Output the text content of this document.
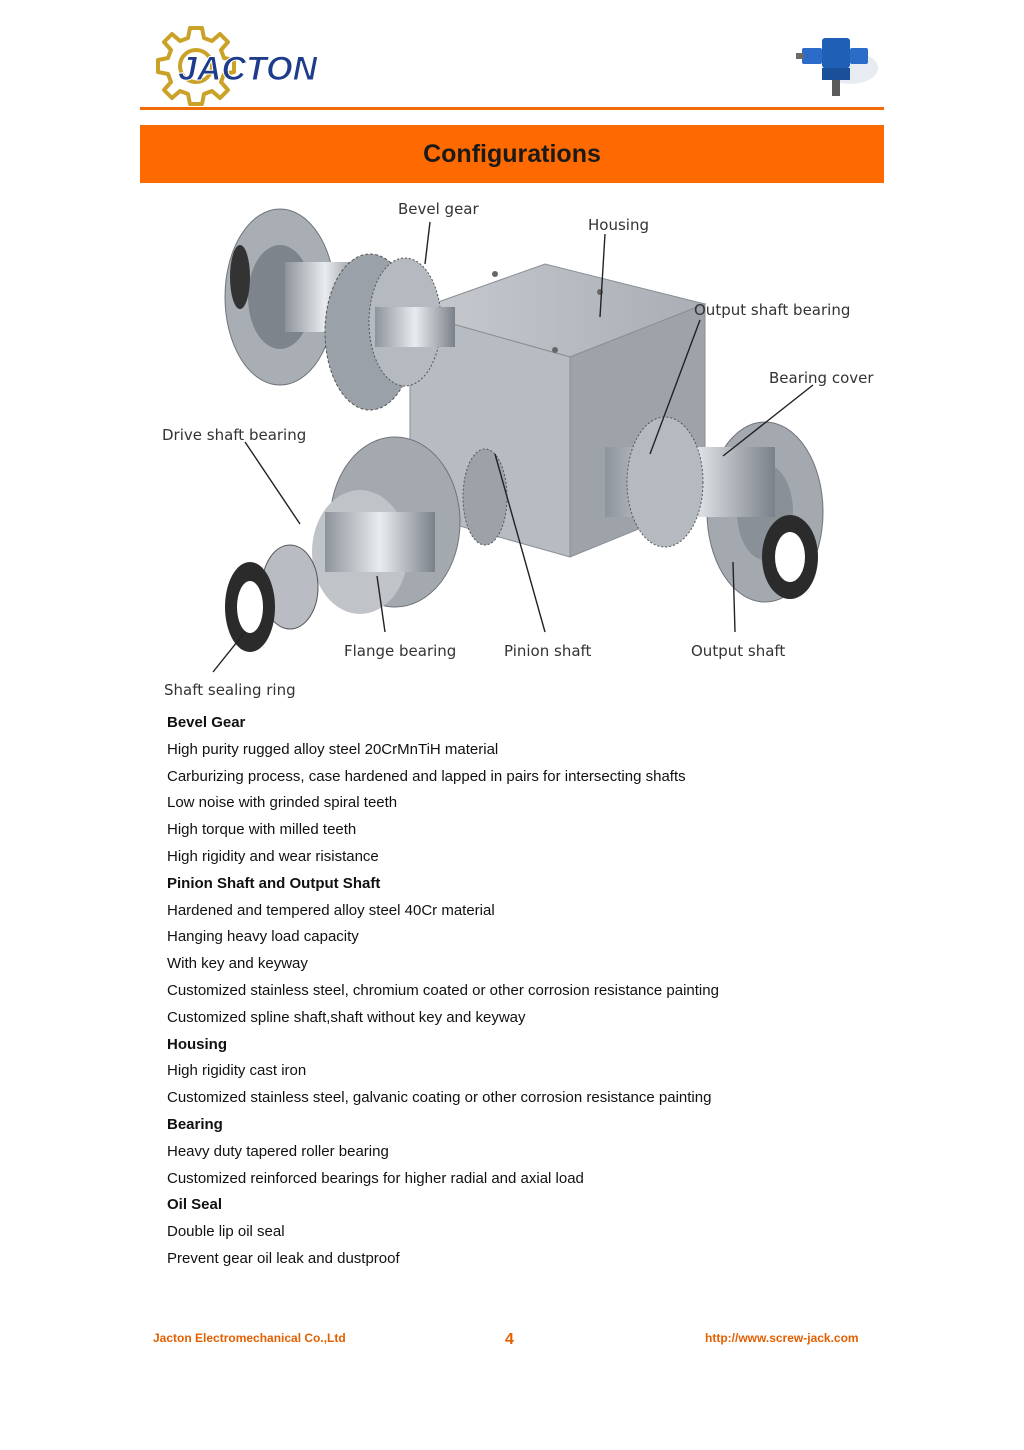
JACTON
Configurations
Bevel gear
Housing
Output shaft bearing
Bearing cover
Drive shaft bearing
Flange bearing	Pinion shaft	Output shaft
Shaft sealing ring
Bevel Gear
High purity rugged alloy steel 20CrMnTiH material
Carburizing process, case hardened and lapped in pairs for intersecting shafts
Low noise with grinded spiral teeth
High torque with milled teeth
High rigidity and wear risistance
Pinion Shaft and Output Shaft
Hardened and tempered alloy steel 40Cr material
Hanging heavy load capacity
With key and keyway
Customized stainless steel, chromium coated or other corrosion resistance painting
Customized spline shaft,shaft without key and keyway
Housing
High rigidity cast iron
Customized stainless steel, galvanic coating or other corrosion resistance painting
Bearing
Heavy duty tapered roller bearing
Customized reinforced bearings for higher radial and axial load
Oil Seal
Double lip oil seal
Prevent gear oil leak and dustproof
Jacton Electromechanical Co.,Ltd	4	http://www.screw-jack.com
